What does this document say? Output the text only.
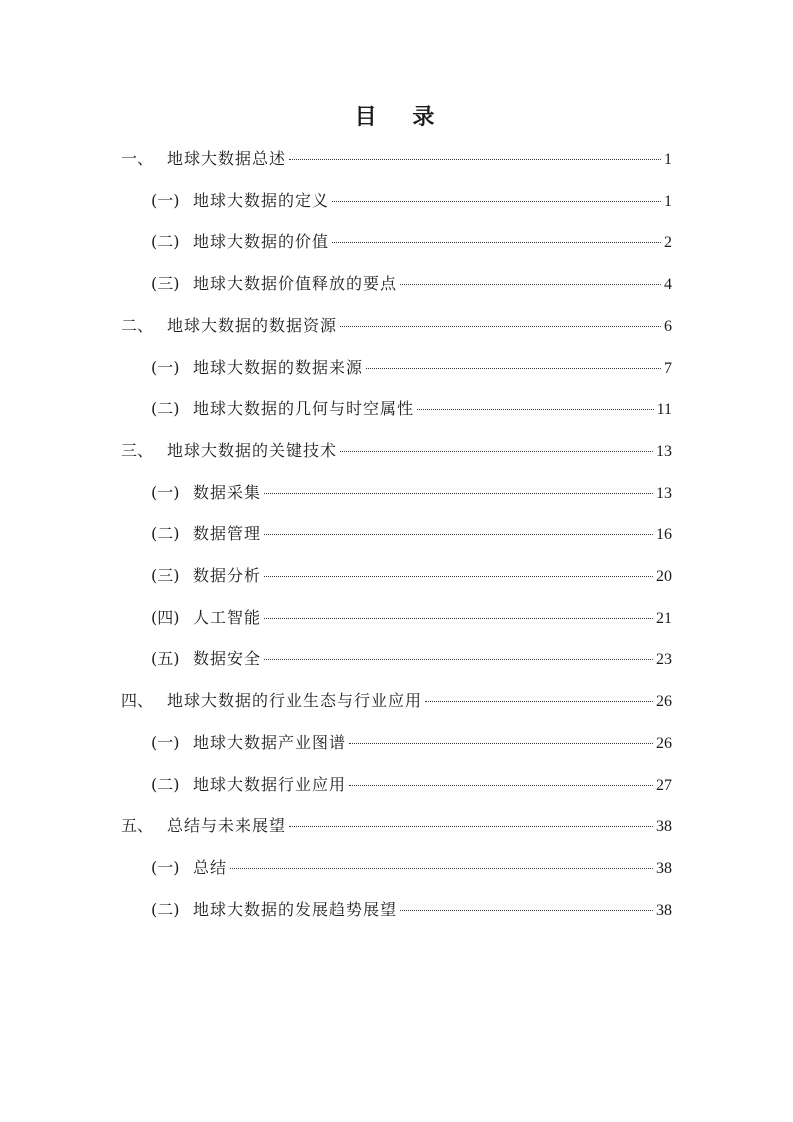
目 录
一、 地球大数据总述	1
(一) 地球大数据的定义	1
(二) 地球大数据的价值	2
(三) 地球大数据价值释放的要点	4
二、 地球大数据的数据资源	6
(一) 地球大数据的数据来源	7
(二) 地球大数据的几何与时空属性	11
三、 地球大数据的关键技术	13
(一) 数据采集	13
(二) 数据管理	16
(三) 数据分析	20
(四) 人工智能	21
(五) 数据安全	23
四、 地球大数据的行业生态与行业应用	26
(一) 地球大数据产业图谱	26
(二) 地球大数据行业应用	27
五、 总结与未来展望	38
(一) 总结	38
(二) 地球大数据的发展趋势展望	38
